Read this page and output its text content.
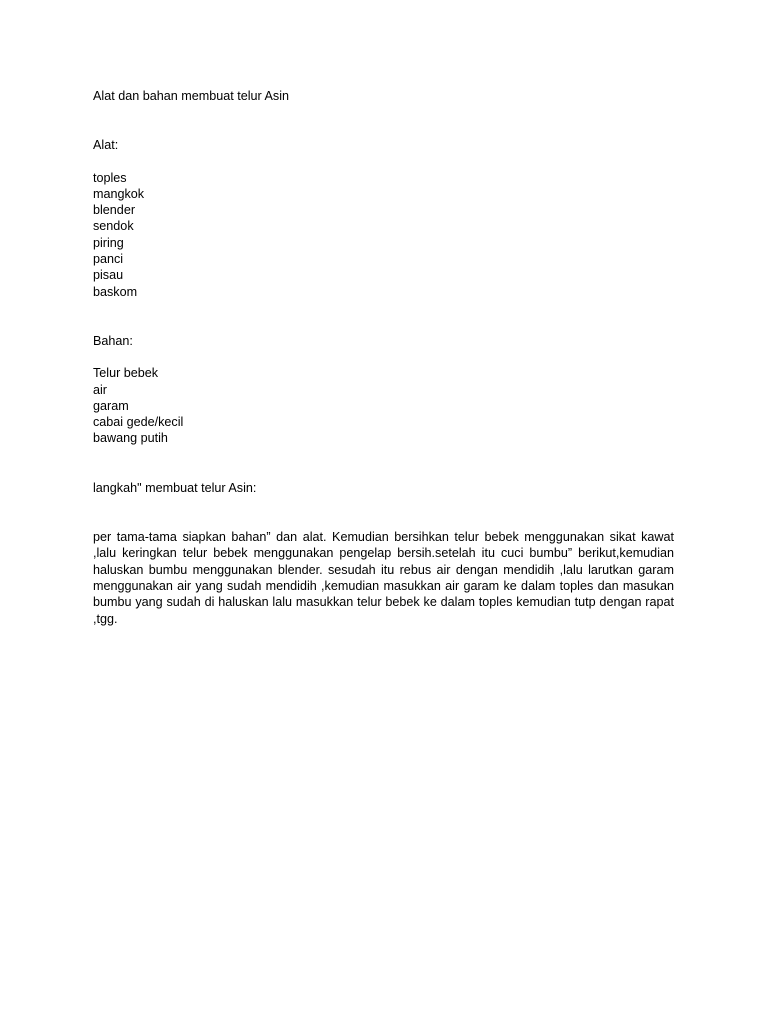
Alat dan bahan membuat telur Asin
Alat:
toples
mangkok
blender
sendok
piring
panci
pisau
baskom
Bahan:
Telur bebek
air
garam
cabai gede/kecil
bawang putih
langkah" membuat telur Asin:
per tama-tama siapkan bahan” dan alat. Kemudian bersihkan telur bebek menggunakan sikat kawat ,lalu keringkan telur bebek menggunakan pengelap bersih.setelah itu cuci bumbu” berikut,kemudian haluskan bumbu menggunakan blender. sesudah itu rebus air dengan mendidih ,lalu larutkan garam menggunakan air yang sudah mendidih ,kemudian masukkan air garam ke dalam toples dan masukan bumbu yang sudah di haluskan lalu masukkan telur bebek ke dalam toples kemudian tutp dengan rapat ,tgg.
